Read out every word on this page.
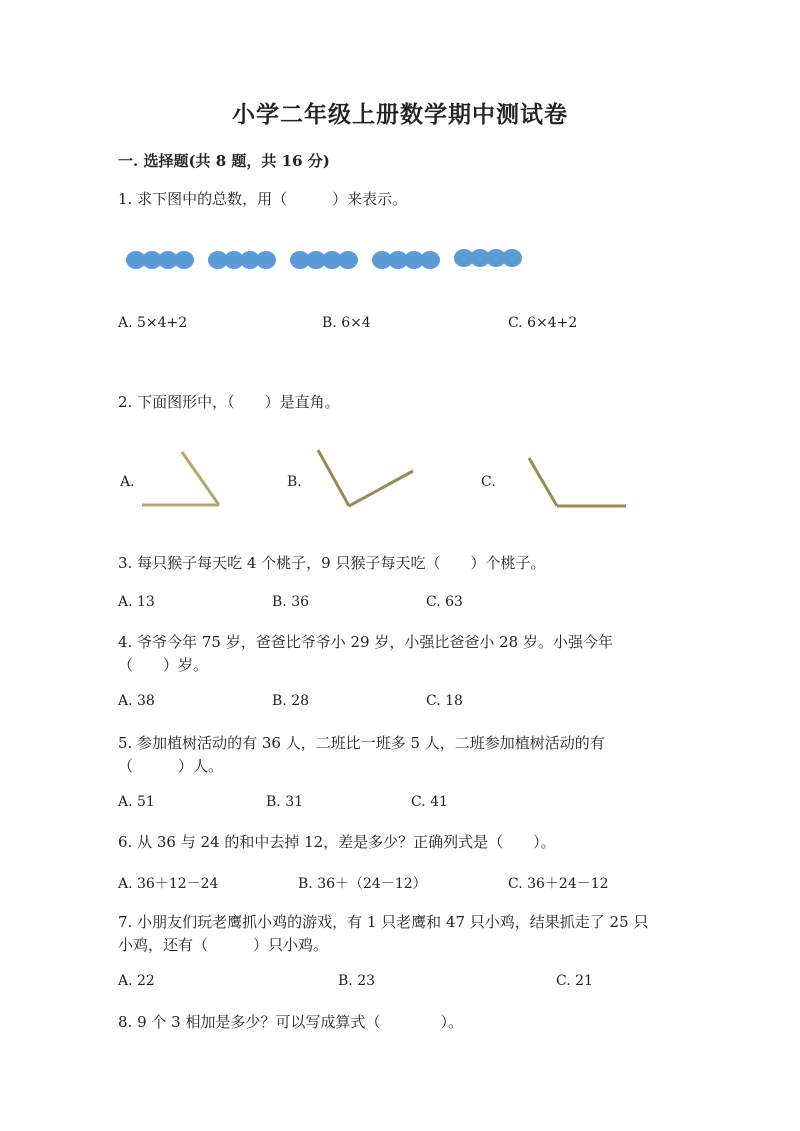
小学二年级上册数学期中测试卷
一. 选择题(共 8 题，共 16 分)
1. 求下图中的总数，用（　　　）来表示。
A. 5×4+2	B. 6×4	C. 6×4+2
2. 下面图形中，（　　）是直角。
A.	B.	C.
3. 每只猴子每天吃 4 个桃子，9 只猴子每天吃（　　）个桃子。
A. 13	B. 36	C. 63
4. 爷爷今年 75 岁，爸爸比爷爷小 29 岁，小强比爸爸小 28 岁。小强今年
（　　）岁。
A. 38	B. 28	C. 18
5. 参加植树活动的有 36 人，二班比一班多 5 人，二班参加植树活动的有
（　　　）人。
A. 51	B. 31	C. 41
6. 从 36 与 24 的和中去掉 12，差是多少？正确列式是（　　）。
A. 36＋12－24	B. 36＋（24－12）	C. 36＋24－12
7. 小朋友们玩老鹰抓小鸡的游戏，有 1 只老鹰和 47 只小鸡，结果抓走了 25 只
小鸡，还有（　　　）只小鸡。
A. 22	B. 23	C. 21
8. 9 个 3 相加是多少？可以写成算式（　　　　）。
